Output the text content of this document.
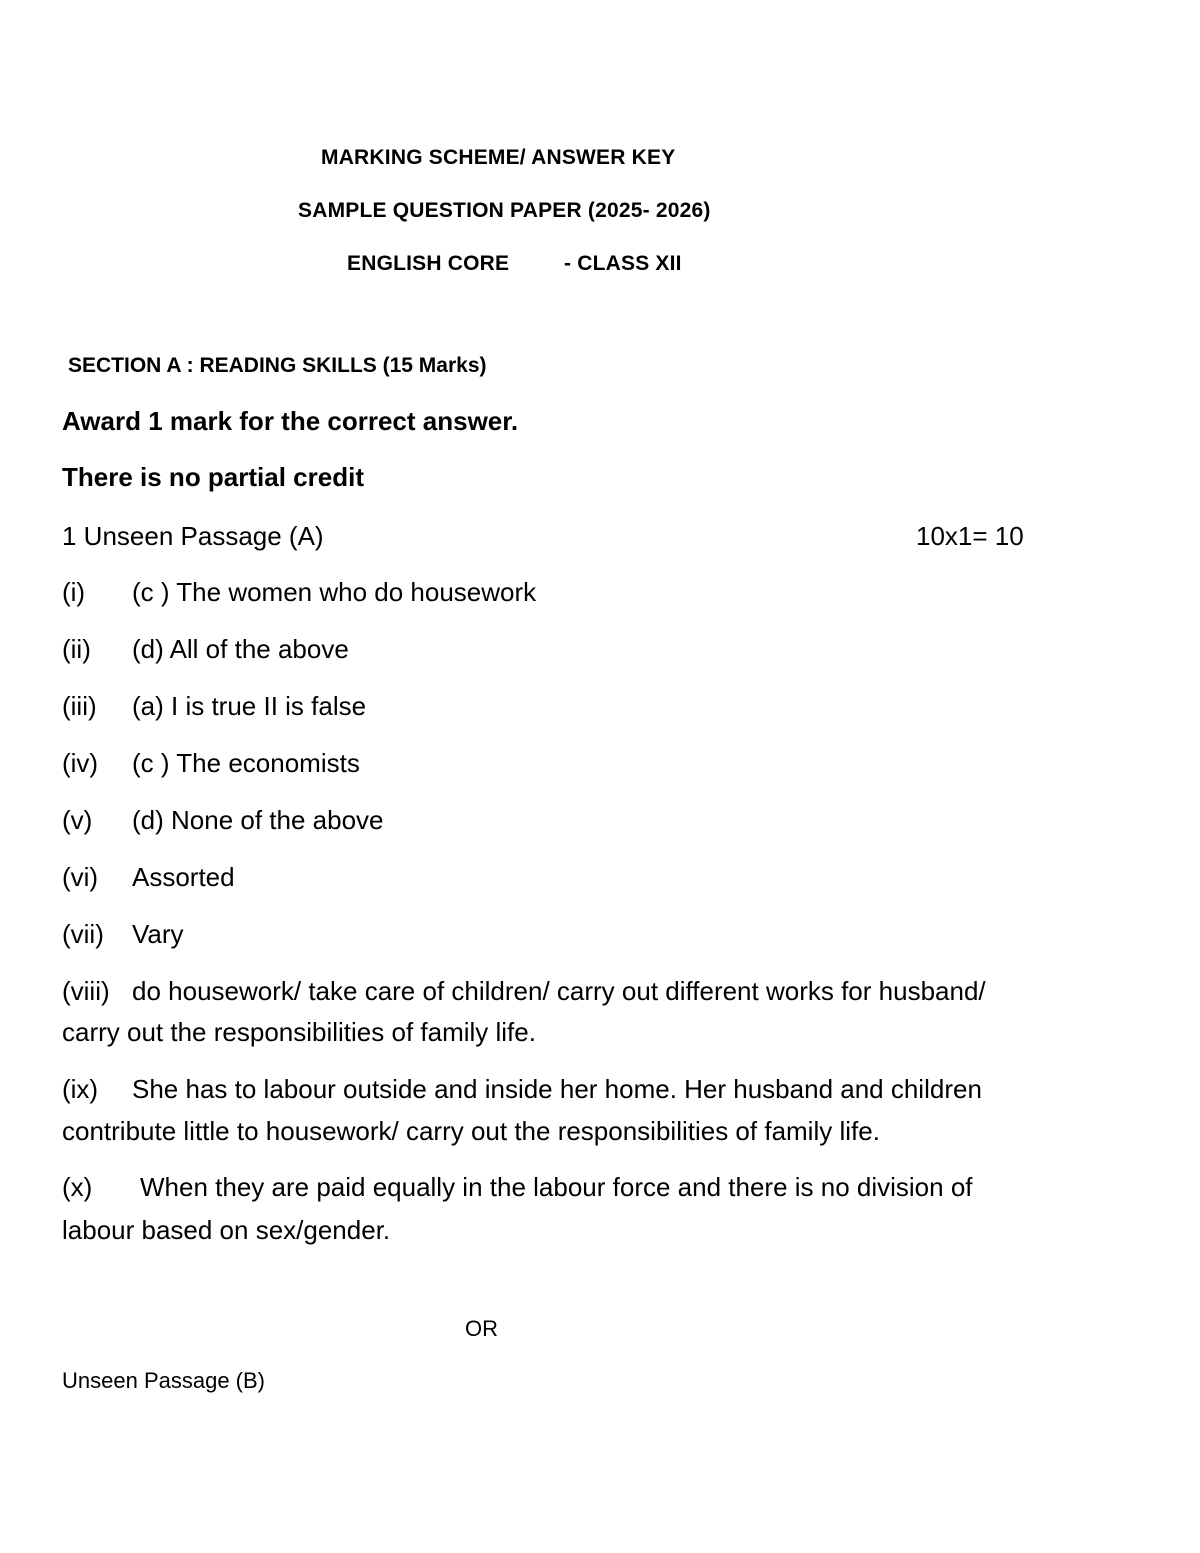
MARKING SCHEME/ ANSWER KEY
SAMPLE QUESTION PAPER (2025- 2026)
ENGLISH CORE	- CLASS XII
SECTION A : READING SKILLS (15 Marks)
Award 1 mark for the correct answer.
There is no partial credit
1 Unseen Passage (A)	10x1= 10
(i) (c ) The women who do housework
(ii) (d) All of the above
(iii) (a) I is true II is false
(iv) (c ) The economists
(v) (d) None of the above
(vi) Assorted
(vii) Vary
(viii) do housework/ take care of children/ carry out different works for husband/
carry out the responsibilities of family life.
(ix) She has to labour outside and inside her home. Her husband and children
contribute little to housework/ carry out the responsibilities of family life.
(x) When they are paid equally in the labour force and there is no division of
labour based on sex/gender.
OR
Unseen Passage (B)
